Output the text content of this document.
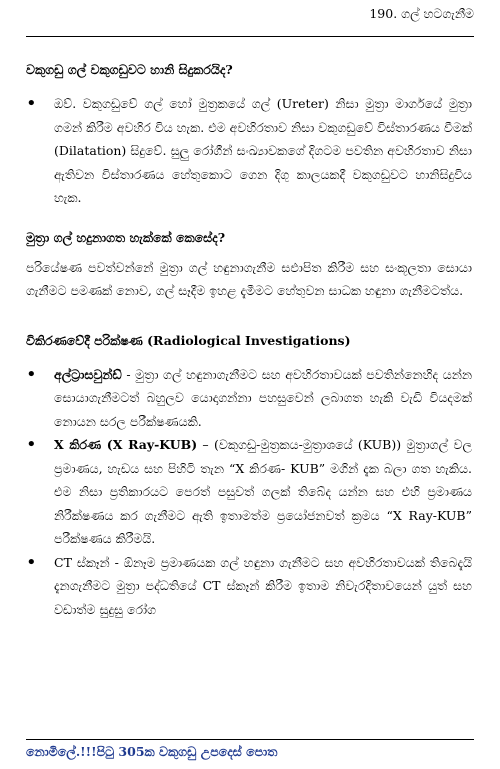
190. ගල් හටගැනීම

වකුගඩු ගල් වකුගඩුවට හානි සිදුකරයිද?

• ඔව්. වකුගඩුවේ ගල් හෝ මුත්‍රකයේ ගල් (Ureter) නිසා මුත්‍රා මාර්ගයේ මුත්‍රා ගමන් කිරීම අවහිර විය හැක. එම අවහිරතාව නිසා වකුගඩුවේ විස්තාරණය වීමක් (Dilatation) සිදුවේ. සුලු රෝගීන් සංඛ්‍යාවකගේ දිගටම පවතින අවහිරතාව නිසා ඇතිවන විස්තාරණය හේතුකොට ගෙන දිගු කාලයකදී වකුගඩුවට හානිසිදුවිය හැක.

මුත්‍රා ගල් හදුනාගත හැක්කේ කෙසේද?

පරියේෂණ පවත්වන්නේ මුත්‍රා ගල් හඳුනාගැනීම සඵාපිත කිරීම සහ සංකූලතා සොයා ගැනීමට පමණක් නොව, ගල් සෑදීම ඉහළ දැමීමට හේතුවන සාධක හඳුනා ගැනීමටත්ය.

විකිරණවේදී පරික්ෂණ (Radiological Investigations)

• අල්ට්‍රාසවුන්ඩ් - මුත්‍රා ගල් හඳුනාගැනීමට සහ අවහිරතාවයක් පවතින්නෙහිද යන්න සොයාගැනීමටත් බහුලව යොදාගන්නා පහසුවෙන් ලබාගත හැකි වැඩි වියදමක් නොයන සරල පරීක්ෂණයකි.
• X කිරණ (X Ray-KUB) – (වකුගඩු-මුත්‍රකය-මුත්‍රාශයේ (KUB)) මුත්‍රාගල් වල ප්‍රමාණය, හැඩය සහ පිහිටි තැන “X කිරණ- KUB” මගින් දැක බලා ගත හැකිය. එම නිසා ප්‍රතිකාරයට පෙරත් පසුවත් ගලක් තිබේද යන්න සහ එහි ප්‍රමාණය නිරීක්ෂණය කර ගැනීමට ඇති ඉතාමත්ම ප්‍රයෝජනවත් ක්‍රමය “X Ray-KUB” පරීක්ෂණය කිරීමයි.
• CT ස්කෑන් - ඕනෑම ප්‍රමාණයක ගල් හඳුනා ගැනීමට සහ අවහිරතාවයක් තිබෙදැයි දැනගැනීමට මුත්‍රා පද්ධතියේ CT ස්කෑන් කිරීම ඉතාම නිවැරදිතාවයෙන් යුත් සහ වඩාත්ම සුදුසු රෝග
නොමිලේ.!!!පිටු 305ක වකුගඩු උපදෙස් පොත
